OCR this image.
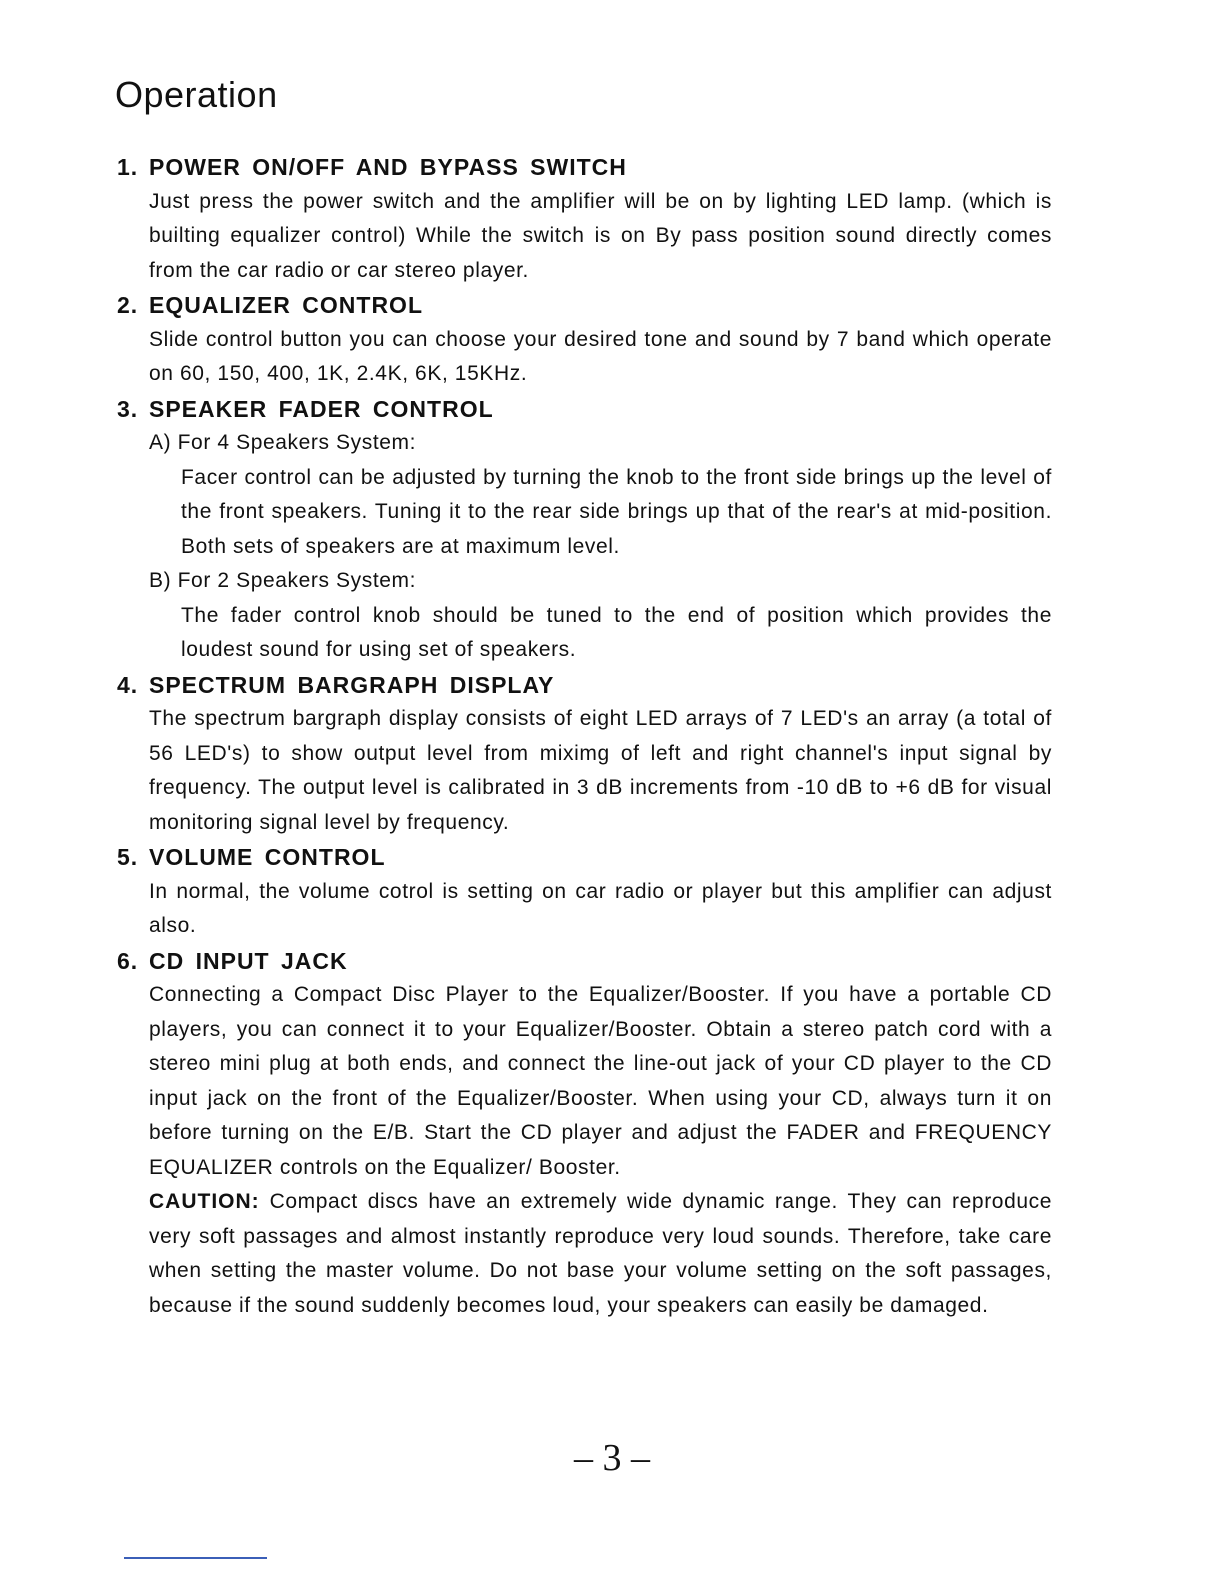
Operation
1. POWER ON/OFF AND BYPASS SWITCH

Just press the power switch and the amplifier will be on by lighting LED lamp. (which is builting equalizer control) While the switch is on By pass position sound directly comes from the car radio or car stereo player.

2. EQUALIZER CONTROL

Slide control button you can choose your desired tone and sound by 7 band which operate on 60, 150, 400, 1K, 2.4K, 6K, 15KHz.

3. SPEAKER FADER CONTROL

A) For 4 Speakers System:

Facer control can be adjusted by turning the knob to the front side brings up the level of the front speakers. Tuning it to the rear side brings up that of the rear's at mid-position. Both sets of speakers are at maximum level.

B) For 2 Speakers System:

The fader control knob should be tuned to the end of position which provides the loudest sound for using set of speakers.

4. SPECTRUM BARGRAPH DISPLAY

The spectrum bargraph display consists of eight LED arrays of 7 LED's an array (a total of 56 LED's) to show output level from miximg of left and right channel's input signal by frequency. The output level is calibrated in 3 dB increments from -10 dB to +6 dB for visual monitoring signal level by frequency.

5. VOLUME CONTROL

In normal, the volume cotrol is setting on car radio or player but this amplifier can adjust also.

6. CD INPUT JACK

Connecting a Compact Disc Player to the Equalizer/Booster. If you have a portable CD players, you can connect it to your Equalizer/Booster. Obtain a stereo patch cord with a stereo mini plug at both ends, and connect the line-out jack of your CD player to the CD input jack on the front of the Equalizer/Booster. When using your CD, always turn it on before turning on the E/B. Start the CD player and adjust the FADER and FREQUENCY EQUALIZER controls on the Equalizer/ Booster.

CAUTION: Compact discs have an extremely wide dynamic range. They can reproduce very soft passages and almost instantly reproduce very loud sounds. Therefore, take care when setting the master volume. Do not base your volume setting on the soft passages, because if the sound suddenly becomes loud, your speakers can easily be damaged.

– 3 –
